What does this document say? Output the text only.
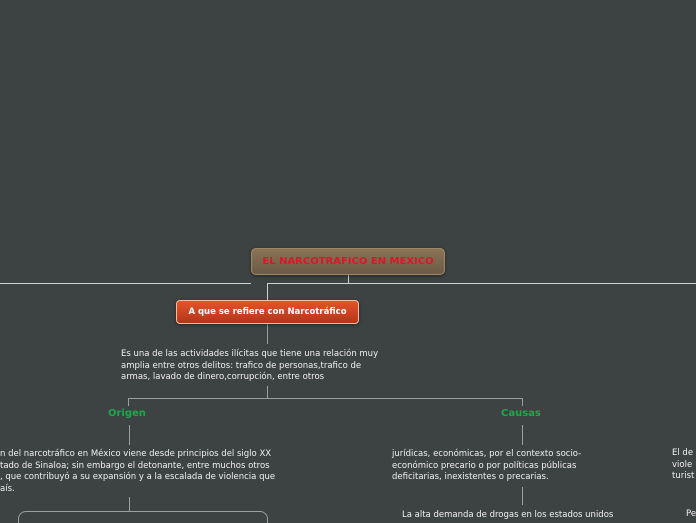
EL NARCOTRAFICO EN MEXICO
A que se refiere con Narcotráfico
Es una de las actividades ilícitas que tiene una relación muy
amplia entre otros delitos: trafico de personas,trafico de
armas, lavado de dinero,corrupción, entre otros
Origen	Causas
n del narcotráfico en México viene desde principios del siglo XX
tado de Sinaloa; sin embargo el detonante, entre muchos otros
, que contribuyó a su expansión y a la escalada de violencia que
aís.
jurídicas, económicas, por el contexto socio-
económico precario o por políticas públicas
deficitarias, inexistentes o precarias.
La alta demanda de drogas en los estados unidos
El de
viole
turist
Pe
